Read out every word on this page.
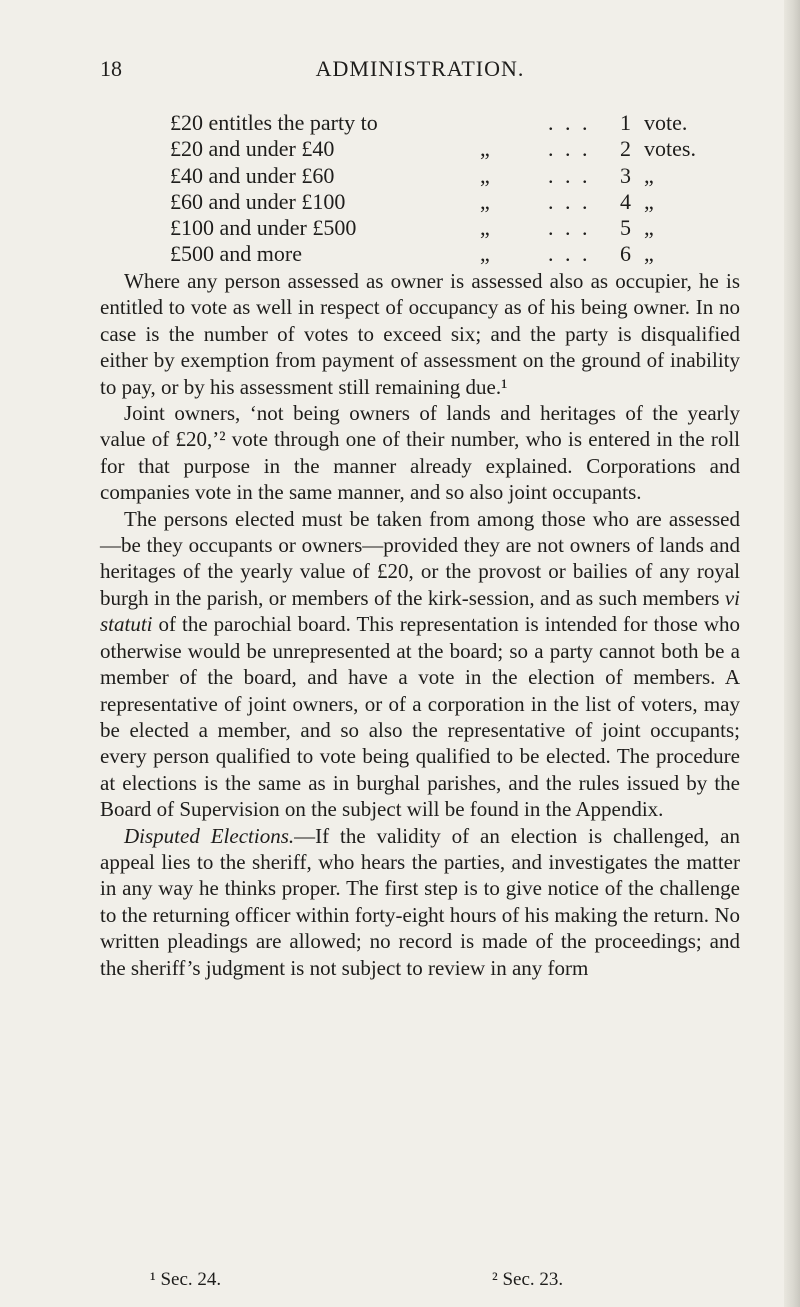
18	ADMINISTRATION.
£20 entitles the party to	. . . 1 vote.
£20 and under £40	„	. . . 2 votes.
£40 and under £60	„	. . . 3 „
£60 and under £100	„	. . . 4 „
£100 and under £500	„	. . . 5 „
£500 and more	„	. . . 6 „

Where any person assessed as owner is assessed also as occupier, he is entitled to vote as well in respect of occupancy as of his being owner. In no case is the number of votes to exceed six; and the party is disqualified either by exemption from payment of assessment on the ground of inability to pay, or by his assessment still remaining due.¹

Joint owners, ‘not being owners of lands and heritages of the yearly value of £20,’² vote through one of their number, who is entered in the roll for that purpose in the manner already explained. Corporations and companies vote in the same manner, and so also joint occupants.

The persons elected must be taken from among those who are assessed—be they occupants or owners—provided they are not owners of lands and heritages of the yearly value of £20, or the provost or bailies of any royal burgh in the parish, or members of the kirk-session, and as such members vi statuti of the parochial board. This representation is intended for those who otherwise would be unrepresented at the board; so a party cannot both be a member of the board, and have a vote in the election of members. A representative of joint owners, or of a corporation in the list of voters, may be elected a member, and so also the representative of joint occupants; every person qualified to vote being qualified to be elected. The procedure at elections is the same as in burghal parishes, and the rules issued by the Board of Supervision on the subject will be found in the Appendix.

Disputed Elections.—If the validity of an election is challenged, an appeal lies to the sheriff, who hears the parties, and investigates the matter in any way he thinks proper. The first step is to give notice of the challenge to the returning officer within forty-eight hours of his making the return. No written pleadings are allowed; no record is made of the proceedings; and the sheriff’s judgment is not subject to review in any form

¹ Sec. 24.	² Sec. 23.
